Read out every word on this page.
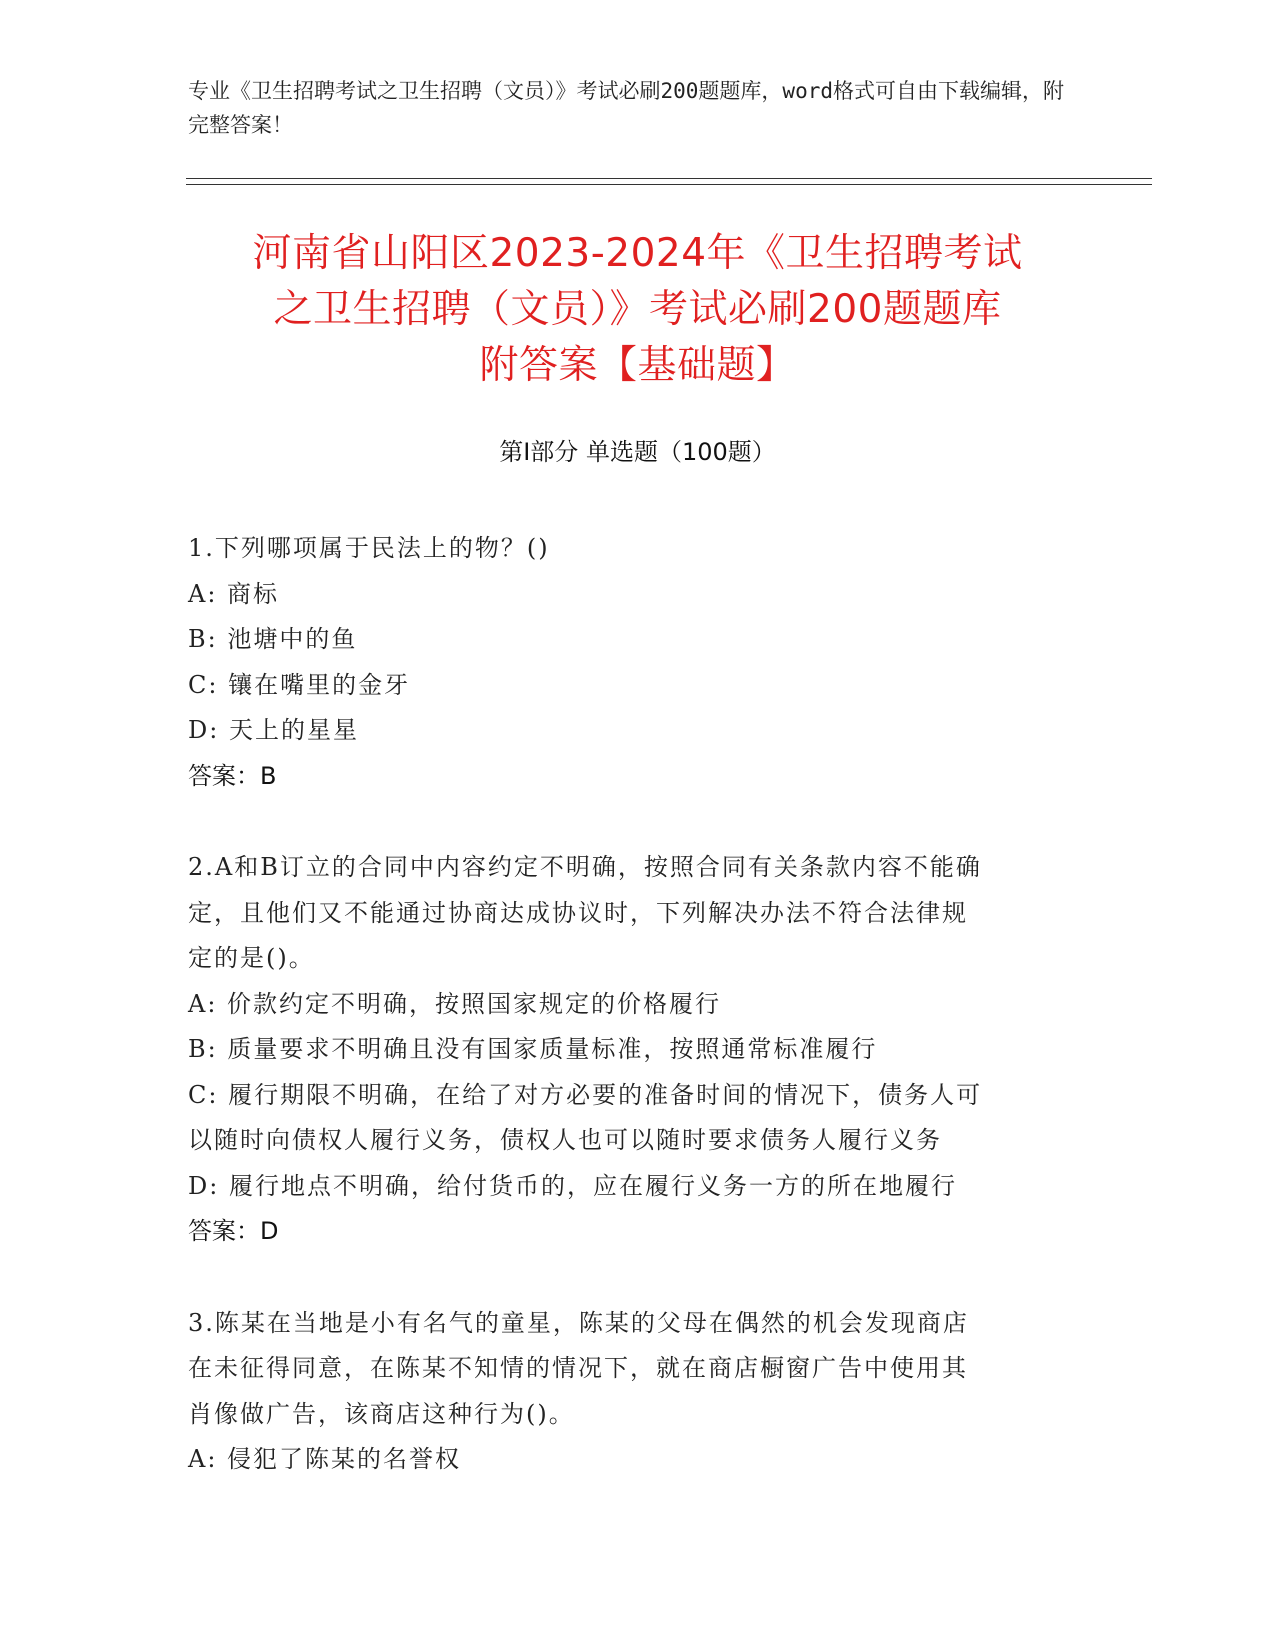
专业《卫生招聘考试之卫生招聘（文员）》考试必刷200题题库，word格式可自由下载编辑，附完整答案！
河南省山阳区2023-2024年《卫生招聘考试
之卫生招聘（文员）》考试必刷200题题库
附答案【基础题】
第I部分 单选题（100题）
1.下列哪项属于民法上的物？()
A: 商标
B: 池塘中的鱼
C: 镶在嘴里的金牙
D: 天上的星星
答案：B
2.A和B订立的合同中内容约定不明确，按照合同有关条款内容不能确
定，且他们又不能通过协商达成协议时，下列解决办法不符合法律规
定的是()。
A: 价款约定不明确，按照国家规定的价格履行
B: 质量要求不明确且没有国家质量标准，按照通常标准履行
C: 履行期限不明确，在给了对方必要的准备时间的情况下，债务人可
以随时向债权人履行义务，债权人也可以随时要求债务人履行义务
D: 履行地点不明确，给付货币的，应在履行义务一方的所在地履行
答案：D
3.陈某在当地是小有名气的童星，陈某的父母在偶然的机会发现商店
在未征得同意，在陈某不知情的情况下，就在商店橱窗广告中使用其
肖像做广告，该商店这种行为()。
A: 侵犯了陈某的名誉权
